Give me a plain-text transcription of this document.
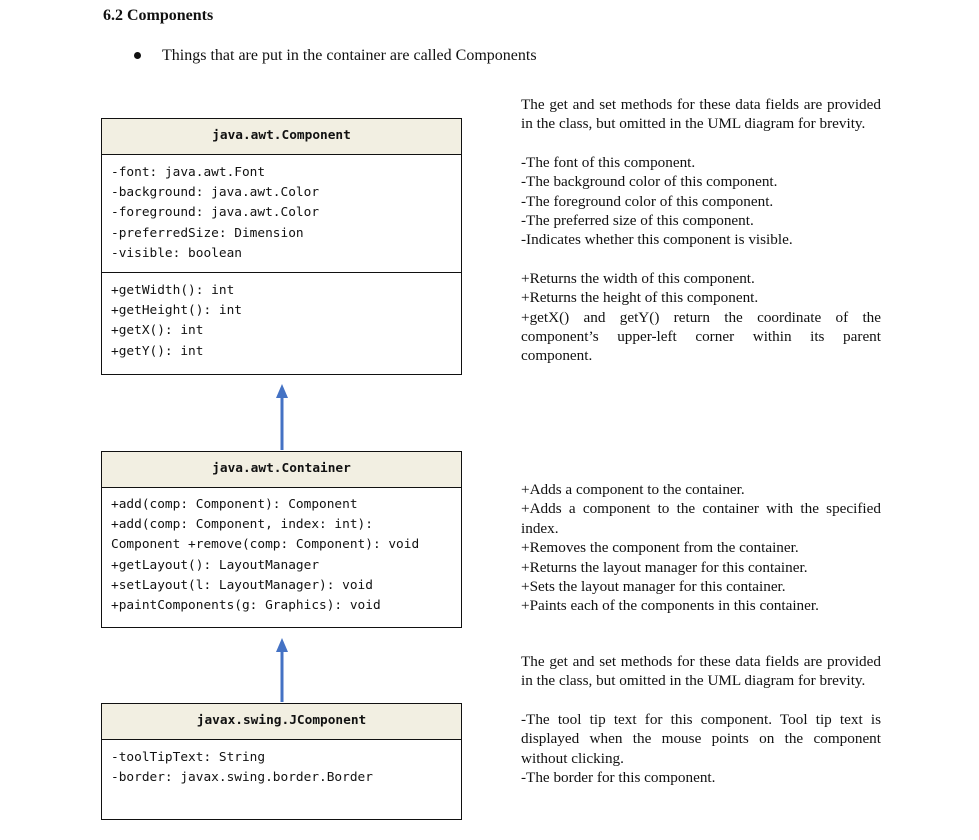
6.2 Components
Things that are put in the container are called Components
java.awt.Component
-font: java.awt.Font
-background: java.awt.Color
-foreground: java.awt.Color
-preferredSize: Dimension
-visible: boolean
+getWidth(): int
+getHeight(): int
+getX(): int
+getY(): int
java.awt.Container
+add(comp: Component): Component
+add(comp: Component, index: int):
Component +remove(comp: Component): void
+getLayout(): LayoutManager
+setLayout(l: LayoutManager): void
+paintComponents(g: Graphics): void
javax.swing.JComponent
-toolTipText: String
-border: javax.swing.border.Border

The get and set methods for these data fields are provided in the class, but omitted in the UML diagram for brevity.

-The font of this component.

-The background color of this component.

-The foreground color of this component.

-The preferred size of this component.

-Indicates whether this component is visible.

+Returns the width of this component.

+Returns the height of this component.

+getX() and getY() return the coordinate of the component’s upper-left corner within its parent component.

+Adds a component to the container.

+Adds a component to the container with the specified index.

+Removes the component from the container.

+Returns the layout manager for this container.

+Sets the layout manager for this container.

+Paints each of the components in this container.

The get and set methods for these data fields are provided in the class, but omitted in the UML diagram for brevity.

-The tool tip text for this component. Tool tip text is displayed when the mouse points on the component without clicking.

-The border for this component.
